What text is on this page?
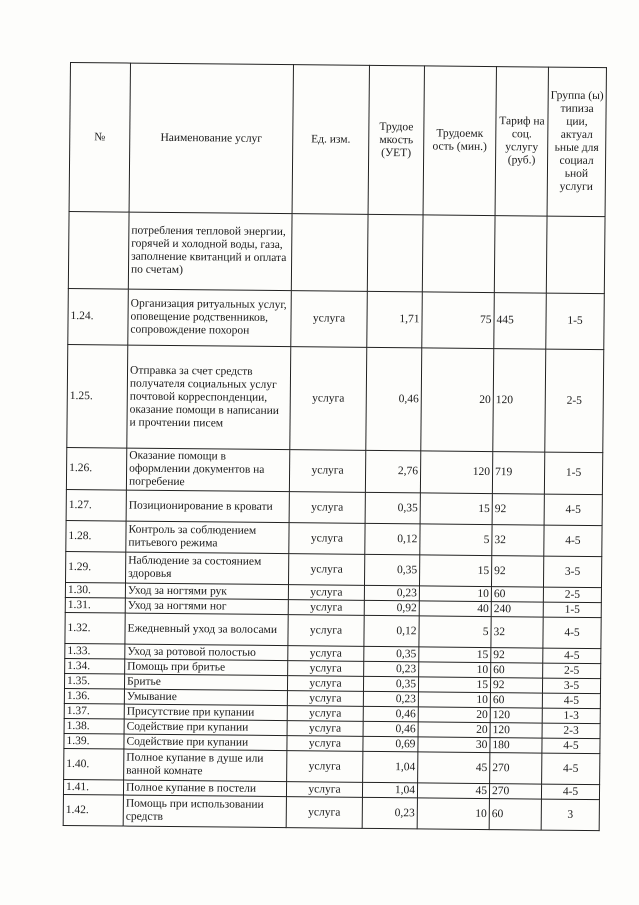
№	Наименование услуг	Ед. изм.	Трудое мкость (УЕТ)	Трудоемк ость (мин.)	Тариф на соц. услугу (руб.)	Группа (ы) типиза ции, актуал ьные для социал ьной услуги
	потребления тепловой энергии, горячей и холодной воды, газа, заполнение квитанций и оплата по счетам)					
1.24.	Организация ритуальных услуг, оповещение родственников, сопровождение похорон	услуга	1,71	75	445	1-5
1.25.	Отправка за счет средств получателя социальных услуг почтовой корреспонденции, оказание помощи в написании и прочтении писем	услуга	0,46	20	120	2-5
1.26.	Оказание помощи в оформлении документов на погребение	услуга	2,76	120	719	1-5
1.27.	Позиционирование в кровати	услуга	0,35	15	92	4-5
1.28.	Контроль за соблюдением питьевого режима	услуга	0,12	5	32	4-5
1.29.	Наблюдение за состоянием здоровья	услуга	0,35	15	92	3-5
1.30.	Уход за ногтями рук	услуга	0,23	10	60	2-5
1.31.	Уход за ногтями ног	услуга	0,92	40	240	1-5
1.32.	Ежедневный уход за волосами	услуга	0,12	5	32	4-5
1.33.	Уход за ротовой полостью	услуга	0,35	15	92	4-5
1.34.	Помощь при бритье	услуга	0,23	10	60	2-5
1.35.	Бритье	услуга	0,35	15	92	3-5
1.36.	Умывание	услуга	0,23	10	60	4-5
1.37.	Присутствие при купании	услуга	0,46	20	120	1-3
1.38.	Содействие при купании	услуга	0,46	20	120	2-3
1.39.	Содействие при купании	услуга	0,69	30	180	4-5
1.40.	Полное купание в душе или ванной комнате	услуга	1,04	45	270	4-5
1.41.	Полное купание в постели	услуга	1,04	45	270	4-5
1.42.	Помощь при использовании средств	услуга	0,23	10	60	3
